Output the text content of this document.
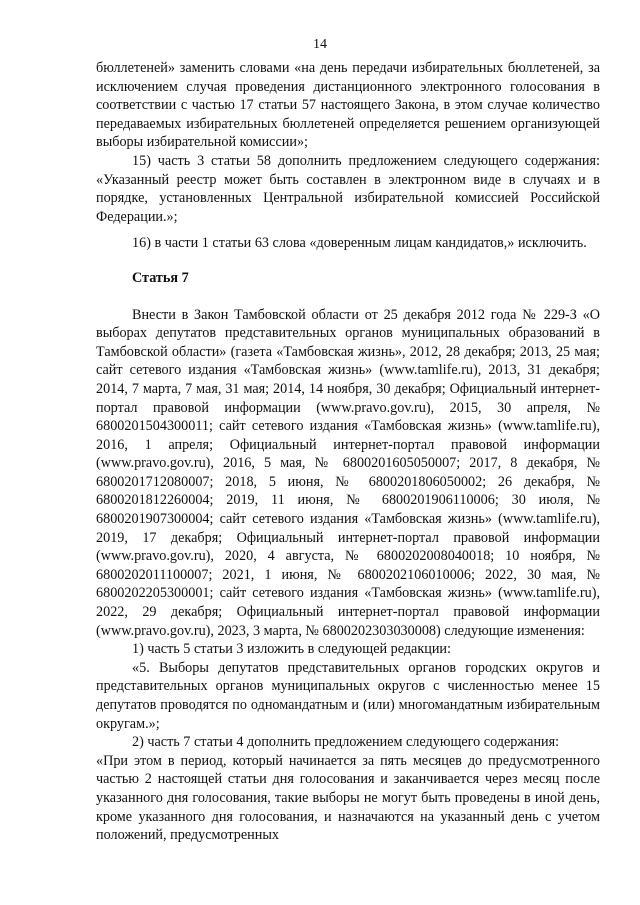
14

бюллетеней» заменить словами «на день передачи избирательных бюллетеней, за исключением случая проведения дистанционного электронного голосования в соответствии с частью 17 статьи 57 настоящего Закона, в этом случае количество передаваемых избирательных бюллетеней определяется решением организующей выборы избирательной комиссии»;

15) часть 3 статьи 58 дополнить предложением следующего содержания: «Указанный реестр может быть составлен в электронном виде в случаях и в порядке, установленных Центральной избирательной комиссией Российской Федерации.»;

16) в части 1 статьи 63 слова «доверенным лицам кандидатов,» исключить.

Статья 7

Внести в Закон Тамбовской области от 25 декабря 2012 года № 229-З «О выборах депутатов представительных органов муниципальных образований в Тамбовской области» (газета «Тамбовская жизнь», 2012, 28 декабря; 2013, 25 мая; сайт сетевого издания «Тамбовская жизнь» (www.tamlife.ru), 2013, 31 декабря; 2014, 7 марта, 7 мая, 31 мая; 2014, 14 ноября, 30 декабря; Официальный интернет-портал правовой информации (www.pravo.gov.ru), 2015, 30 апреля, № 6800201504300011; сайт сетевого издания «Тамбовская жизнь» (www.tamlife.ru), 2016, 1 апреля; Официальный интернет-портал правовой информации (www.pravo.gov.ru), 2016, 5 мая, № 6800201605050007; 2017, 8 декабря, № 6800201712080007; 2018, 5 июня, № 6800201806050002; 26 декабря, № 6800201812260004; 2019, 11 июня, № 6800201906110006; 30 июля, № 6800201907300004; сайт сетевого издания «Тамбовская жизнь» (www.tamlife.ru), 2019, 17 декабря; Официальный интернет-портал правовой информации (www.pravo.gov.ru), 2020, 4 августа, № 6800202008040018; 10 ноября, № 6800202011100007; 2021, 1 июня, № 6800202106010006; 2022, 30 мая, № 6800202205300001; сайт сетевого издания «Тамбовская жизнь» (www.tamlife.ru), 2022, 29 декабря; Официальный интернет-портал правовой информации (www.pravo.gov.ru), 2023, 3 марта, № 6800202303030008) следующие изменения:

1) часть 5 статьи 3 изложить в следующей редакции:

«5. Выборы депутатов представительных органов городских округов и представительных органов муниципальных округов с численностью менее 15 депутатов проводятся по одномандатным и (или) многомандатным избирательным округам.»;

2) часть 7 статьи 4 дополнить предложением следующего содержания:

«При этом в период, который начинается за пять месяцев до предусмотренного частью 2 настоящей статьи дня голосования и заканчивается через месяц после указанного дня голосования, такие выборы не могут быть проведены в иной день, кроме указанного дня голосования, и назначаются на указанный день с учетом положений, предусмотренных
